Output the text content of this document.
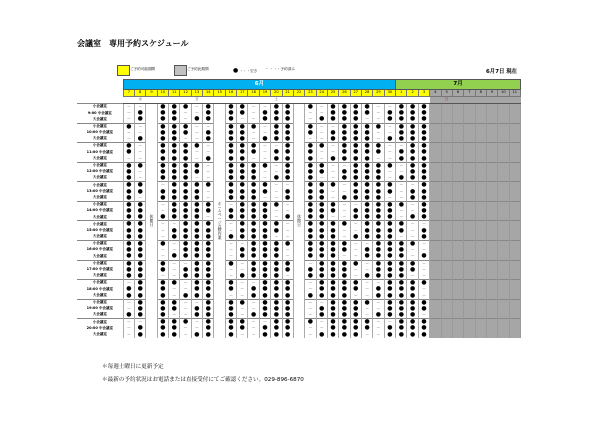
会議室　専用予約スケジュール
ご予約可能期間	ご予約此期間	● ・・・空き － ・・・予約済み	6月7日 現在
	6月																								7月										
	7	8	9	10	11	12	13	14	15	16	17	18	19	20	21	22	23	24	25	26	27	28	29	30	1	2	3	4	5	6	7	8	9	10	11
		水					日							土															日						
小会議室	－	－	休館日	●	●	●	－	●	ホームページ点検作業	●	●	－	－	●	●	休館日	●	－	●	●	●	●	－	－	●	●	●								
9:00 中会議室	－	●		●	●	－	－	●		●	●	－	●	●	●		－	－	●	●	●	●	－	●	●	●	●								
大会議室	－	●		●	●	－	●	●		●	－	－	●	●	●		－	●	●	●	●	－	－	●	●	●	●								
小会議室	●	－		●	●	●	－	－		●	●	●	－	●	●		●	－	－	●	●	●	●	－	●	●	●								
10:00 中会議室	－	－		●	●	●	－	●		●	●	－	－	●	●		●	－	●	●	●	●	－	－	●	●	●								
大会議室	－	●		●	●	－	－	●		●	●	－	●	●	●		－	－	●	●	●	●	－	●	●	●	●								
小会議室	●	－		●	●	●	●	－		●	●	●	－	－	●		●	●	－	●	●	●	●	－	－	●	●								
11:00 中会議室	●	－		●	●	●	－	－		●	●	●	－	●	●		●	－	－	●	●	●	●	－	●	●	●								
大会議室	－	－		●	●	●	－	●		●	●	－	－	●	●		●	－	●	●	●	●	－	－	●	●	●								
小会議室	●	●		●	●	●	●	－		●	●	●	●	－	●		●	●	－	－	●	●	●	●	－	●	●								
12:00 中会議室	●	－		●	●	●	●	－		●	●	●	－	－	●		●	●	－	●	●	●	●	－	－	●	●								
大会議室	●	－		●	●	●	－	－		●	●	●	－	●	●		●	－	－	●	●	●	●	－	●	●	●								
小会議室	●	●		－	●	●	●	●		●	●	●	●	－	－		●	●	●	－	●	●	●	●	－	－	●								
13:00 中会議室	●	●		●	●	●	●	－		●	●	●	●	－	●		●	●	－	－	●	●	●	●	－	●	●								
大会議室	●	－		●	●	●	●	－		●	●	●	－	－	●		●	●	－	●	●	●	●	－	－	●	●								
小会議室	●	●		－	●	●	●	●		－	●	●	●	●	－		●	●	●	－	－	●	●	●	●	－	●								
14:00 中会議室	●	●		－	●	●	●	●		●	●	●	●	－	－		●	●	●	－	●	●	●	●	－	－	●								
大会議室	●	●		●	●	●	●	－		●	●	●	●	－	●		●	●	－	－	●	●	●	●	－	●	●								
小会議室	●	●		－	－	●	●	●		－	●	●	●	●	－		●	●	●	●	－	●	●	●	●	－	－								
15:00 中会議室	●	●		－	●	●	●	●		－	●	●	●	●	－		●	●	●	－	－	●	●	●	●	－	●								
大会議室	●	●		－	●	●	●	●		●	●	●	●	－	－		●	●	●	－	●	●	●	●	－	－	●								
小会議室	●	●		●	－	●	●	●		－	－	●	●	●	●		●	●	●	●	－	－	●	●	●	●	－								
16:00 中会議室	●	●		－	－	●	●	●		－	●	●	●	●	－		●	●	●	●	－	●	●	●	●	－	－								
大会議室	●	●		－	●	●	●	●		－	●	●	●	●	－		●	●	●	－	－	●	●	●	●	－	●								
小会議室	●	●		●	－	－	●	●		●	－	●	●	●	●		－	●	●	●	●	－	●	●	●	●	－								
17:00 中会議室	●	●		●	－	●	●	●		－	－	●	●	●	●		●	●	●	●	－	－	●	●	●	●	－								
大会議室	●	●		－	－	●	●	●		－	●	●	●	●	－		●	●	●	●	－	●	●	●	●	－	－								
小会議室	－	●		●	●	－	●	●		●	－	－	●	●	●		－	●	●	●	●	－	－	●	●	●	●								
18:00 中会議室	●	●		●	－	－	●	●		●	－	●	●	●	●		－	●	●	●	●	－	●	●	●	●	－								
大会議室	●	●		●	－	●	●	●		－	－	●	●	●	●		●	●	●	●	－	－	●	●	●	●	－								
小会議室	－	●		●	●	－	－	●		●	●	－	●	●	●		－	－	●	●	●	●	－	●	●	●	●								
19:00 中会議室	－	●		●	●	－	●	●		●	－	－	●	●	●		－	●	●	●	●	－	－	●	●	●	●								
大会議室	●	●		●	－	－	●	●		●	－	●	●	●	●		－	●	●	●	●	－	●	●	●	●	－								
小会議室	－	－		●	●	●	－	●		●	●	－	－	●	●		●	－	●	●	●	●	－	－	●	●	●								
20:00 中会議室	－	●		●	●	－	－	●		●	●	－	●	●	●		－	－	●	●	●	●	－	●	●	●	●								
大会議室	－	●		●	●	－	●	●		●	－	－	●	●	●		－	●	●	●	●	－	－	●	●	●	●								
＊毎週土曜日に更新予定
＊最新の予約状況はお電話または直接受付にてご確認ください。029-896-6870
